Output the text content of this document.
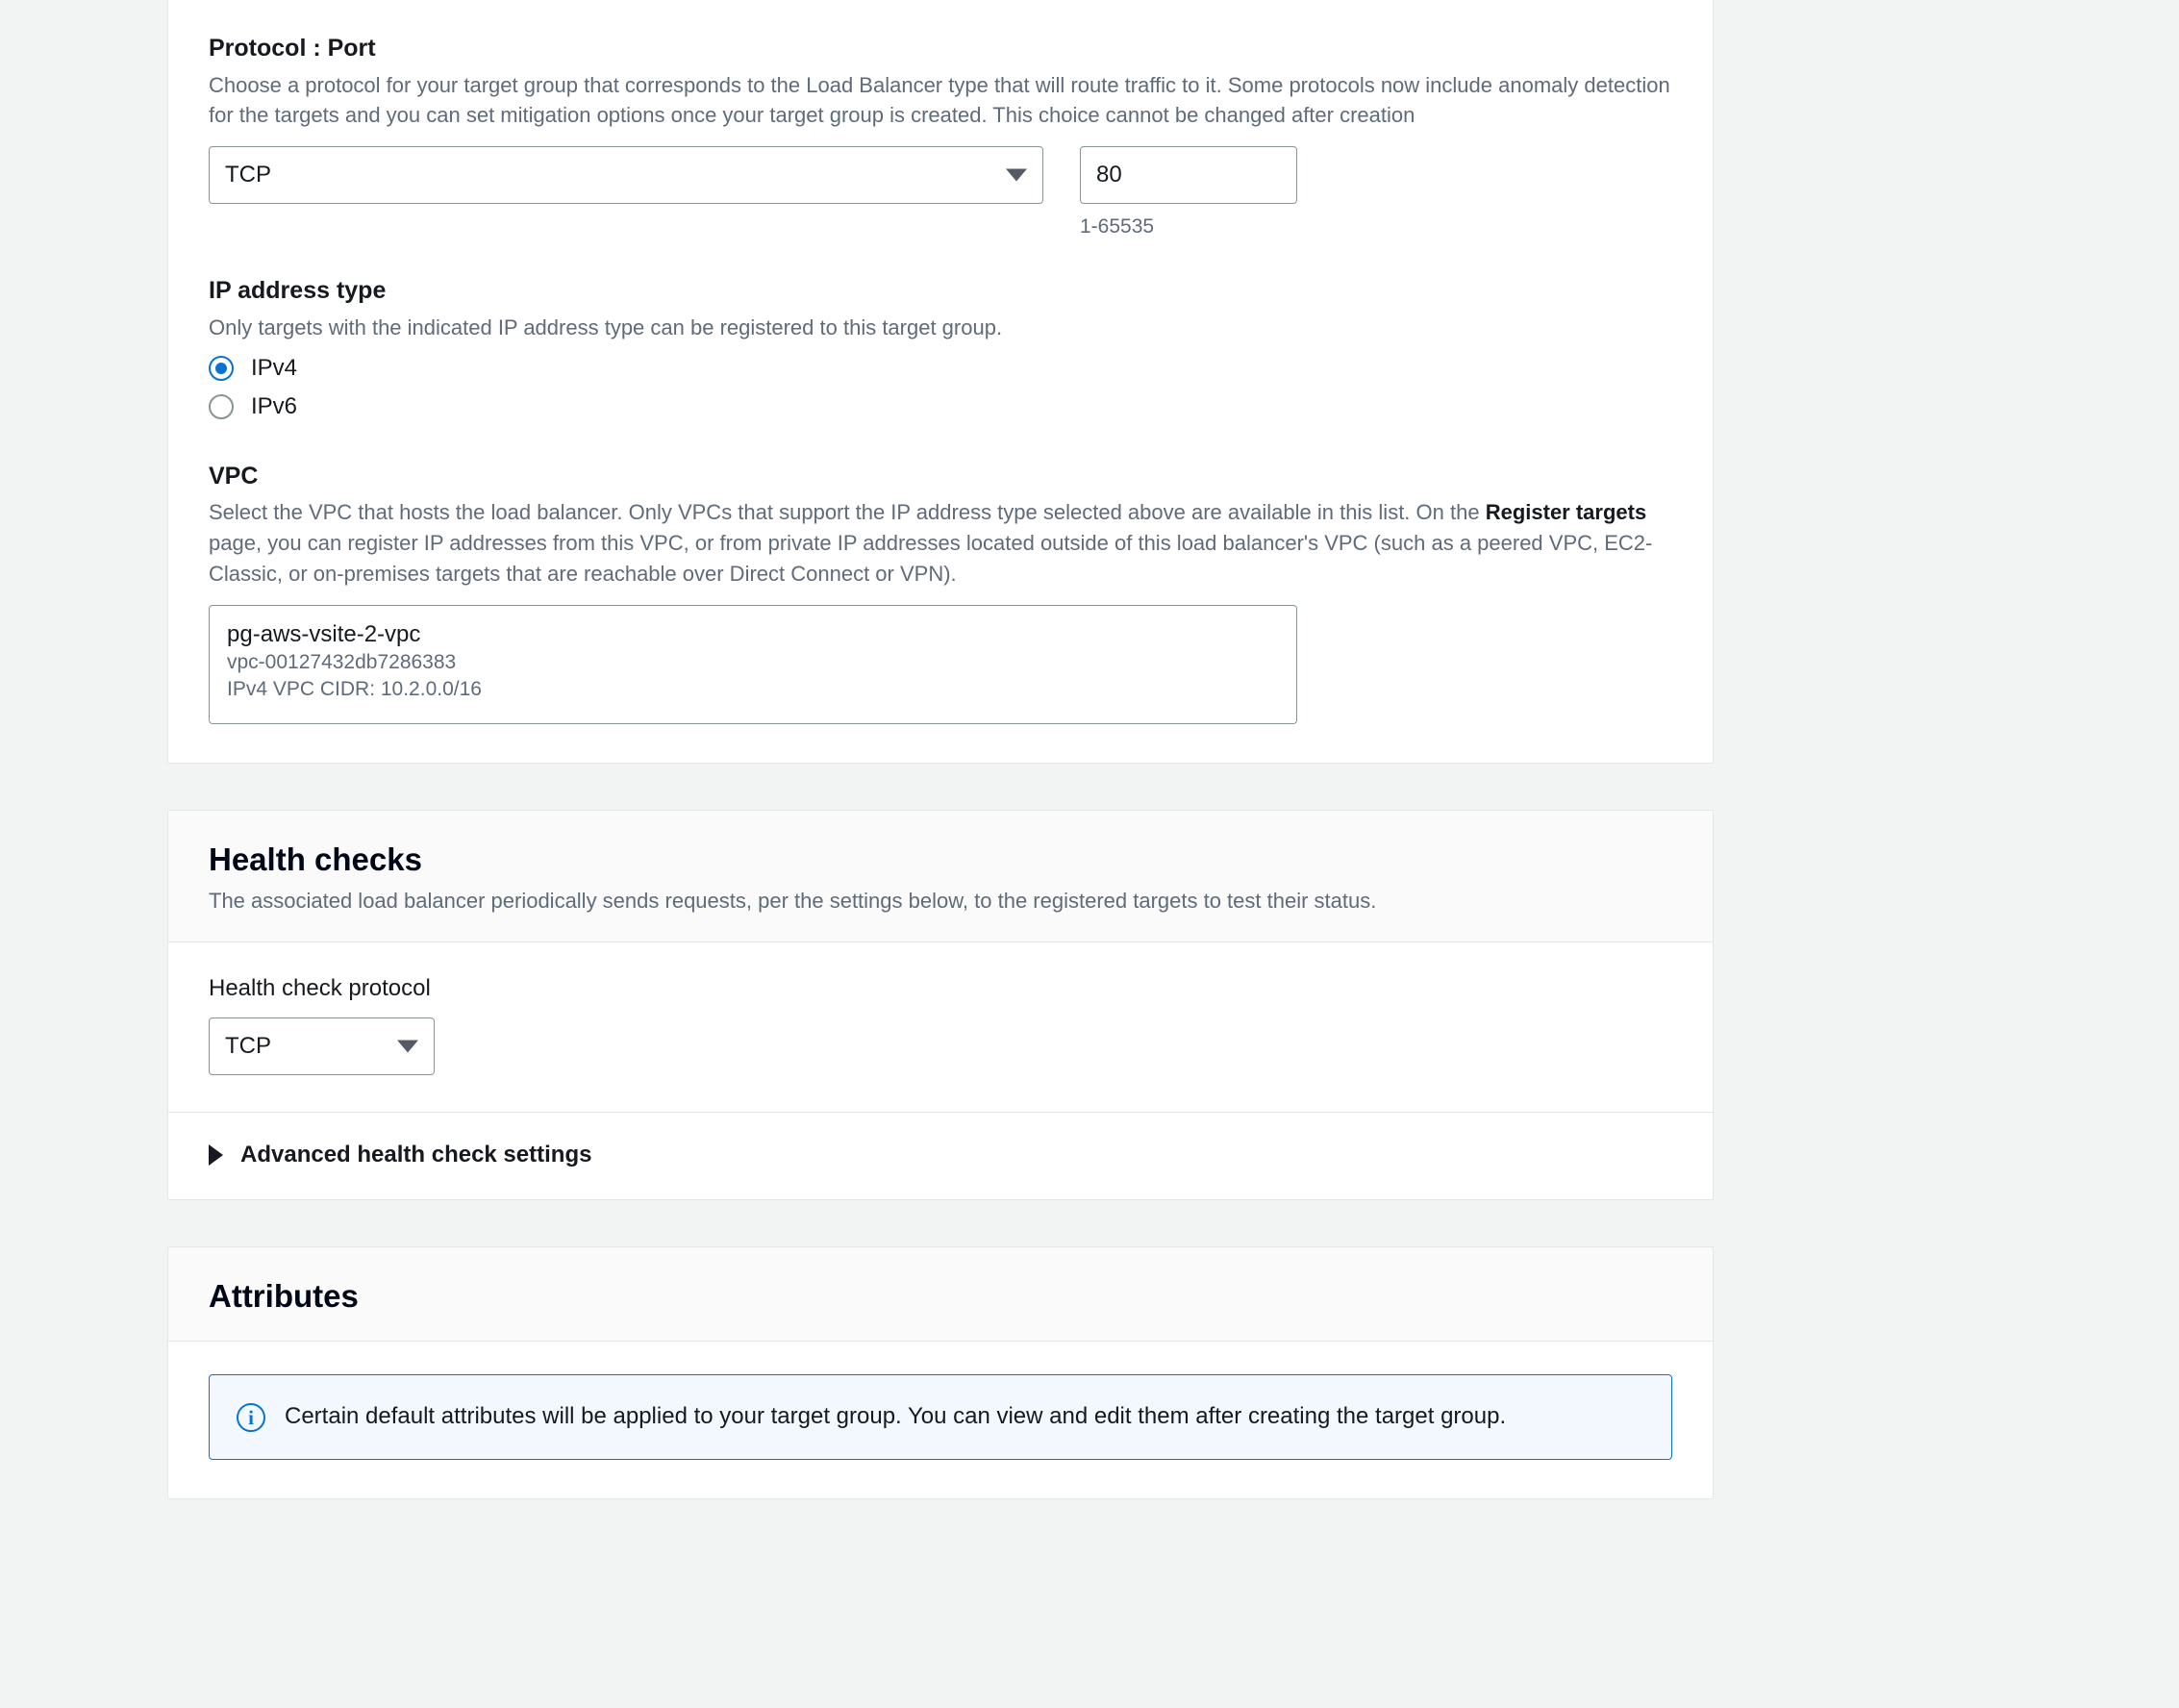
Protocol : Port

Choose a protocol for your target group that corresponds to the Load Balancer type that will route traffic to it. Some protocols now include anomaly detection for the targets and you can set mitigation options once your target group is created. This choice cannot be changed after creation

TCP
80
1-65535
IP address type

Only targets with the indicated IP address type can be registered to this target group.

IPv4
IPv6
VPC

Select the VPC that hosts the load balancer. Only VPCs that support the IP address type selected above are available in this list. On the Register targets page, you can register IP addresses from this VPC, or from private IP addresses located outside of this load balancer's VPC (such as a peered VPC, EC2-Classic, or on-premises targets that are reachable over Direct Connect or VPN).

pg-aws-vsite-2-vpc
vpc-00127432db7286383
IPv4 VPC CIDR: 10.2.0.0/16
Health checks

The associated load balancer periodically sends requests, per the settings below, to the registered targets to test their status.

Health check protocol
TCP
Advanced health check settings
Attributes
i	Certain default attributes will be applied to your target group. You can view and edit them after creating the target group.
